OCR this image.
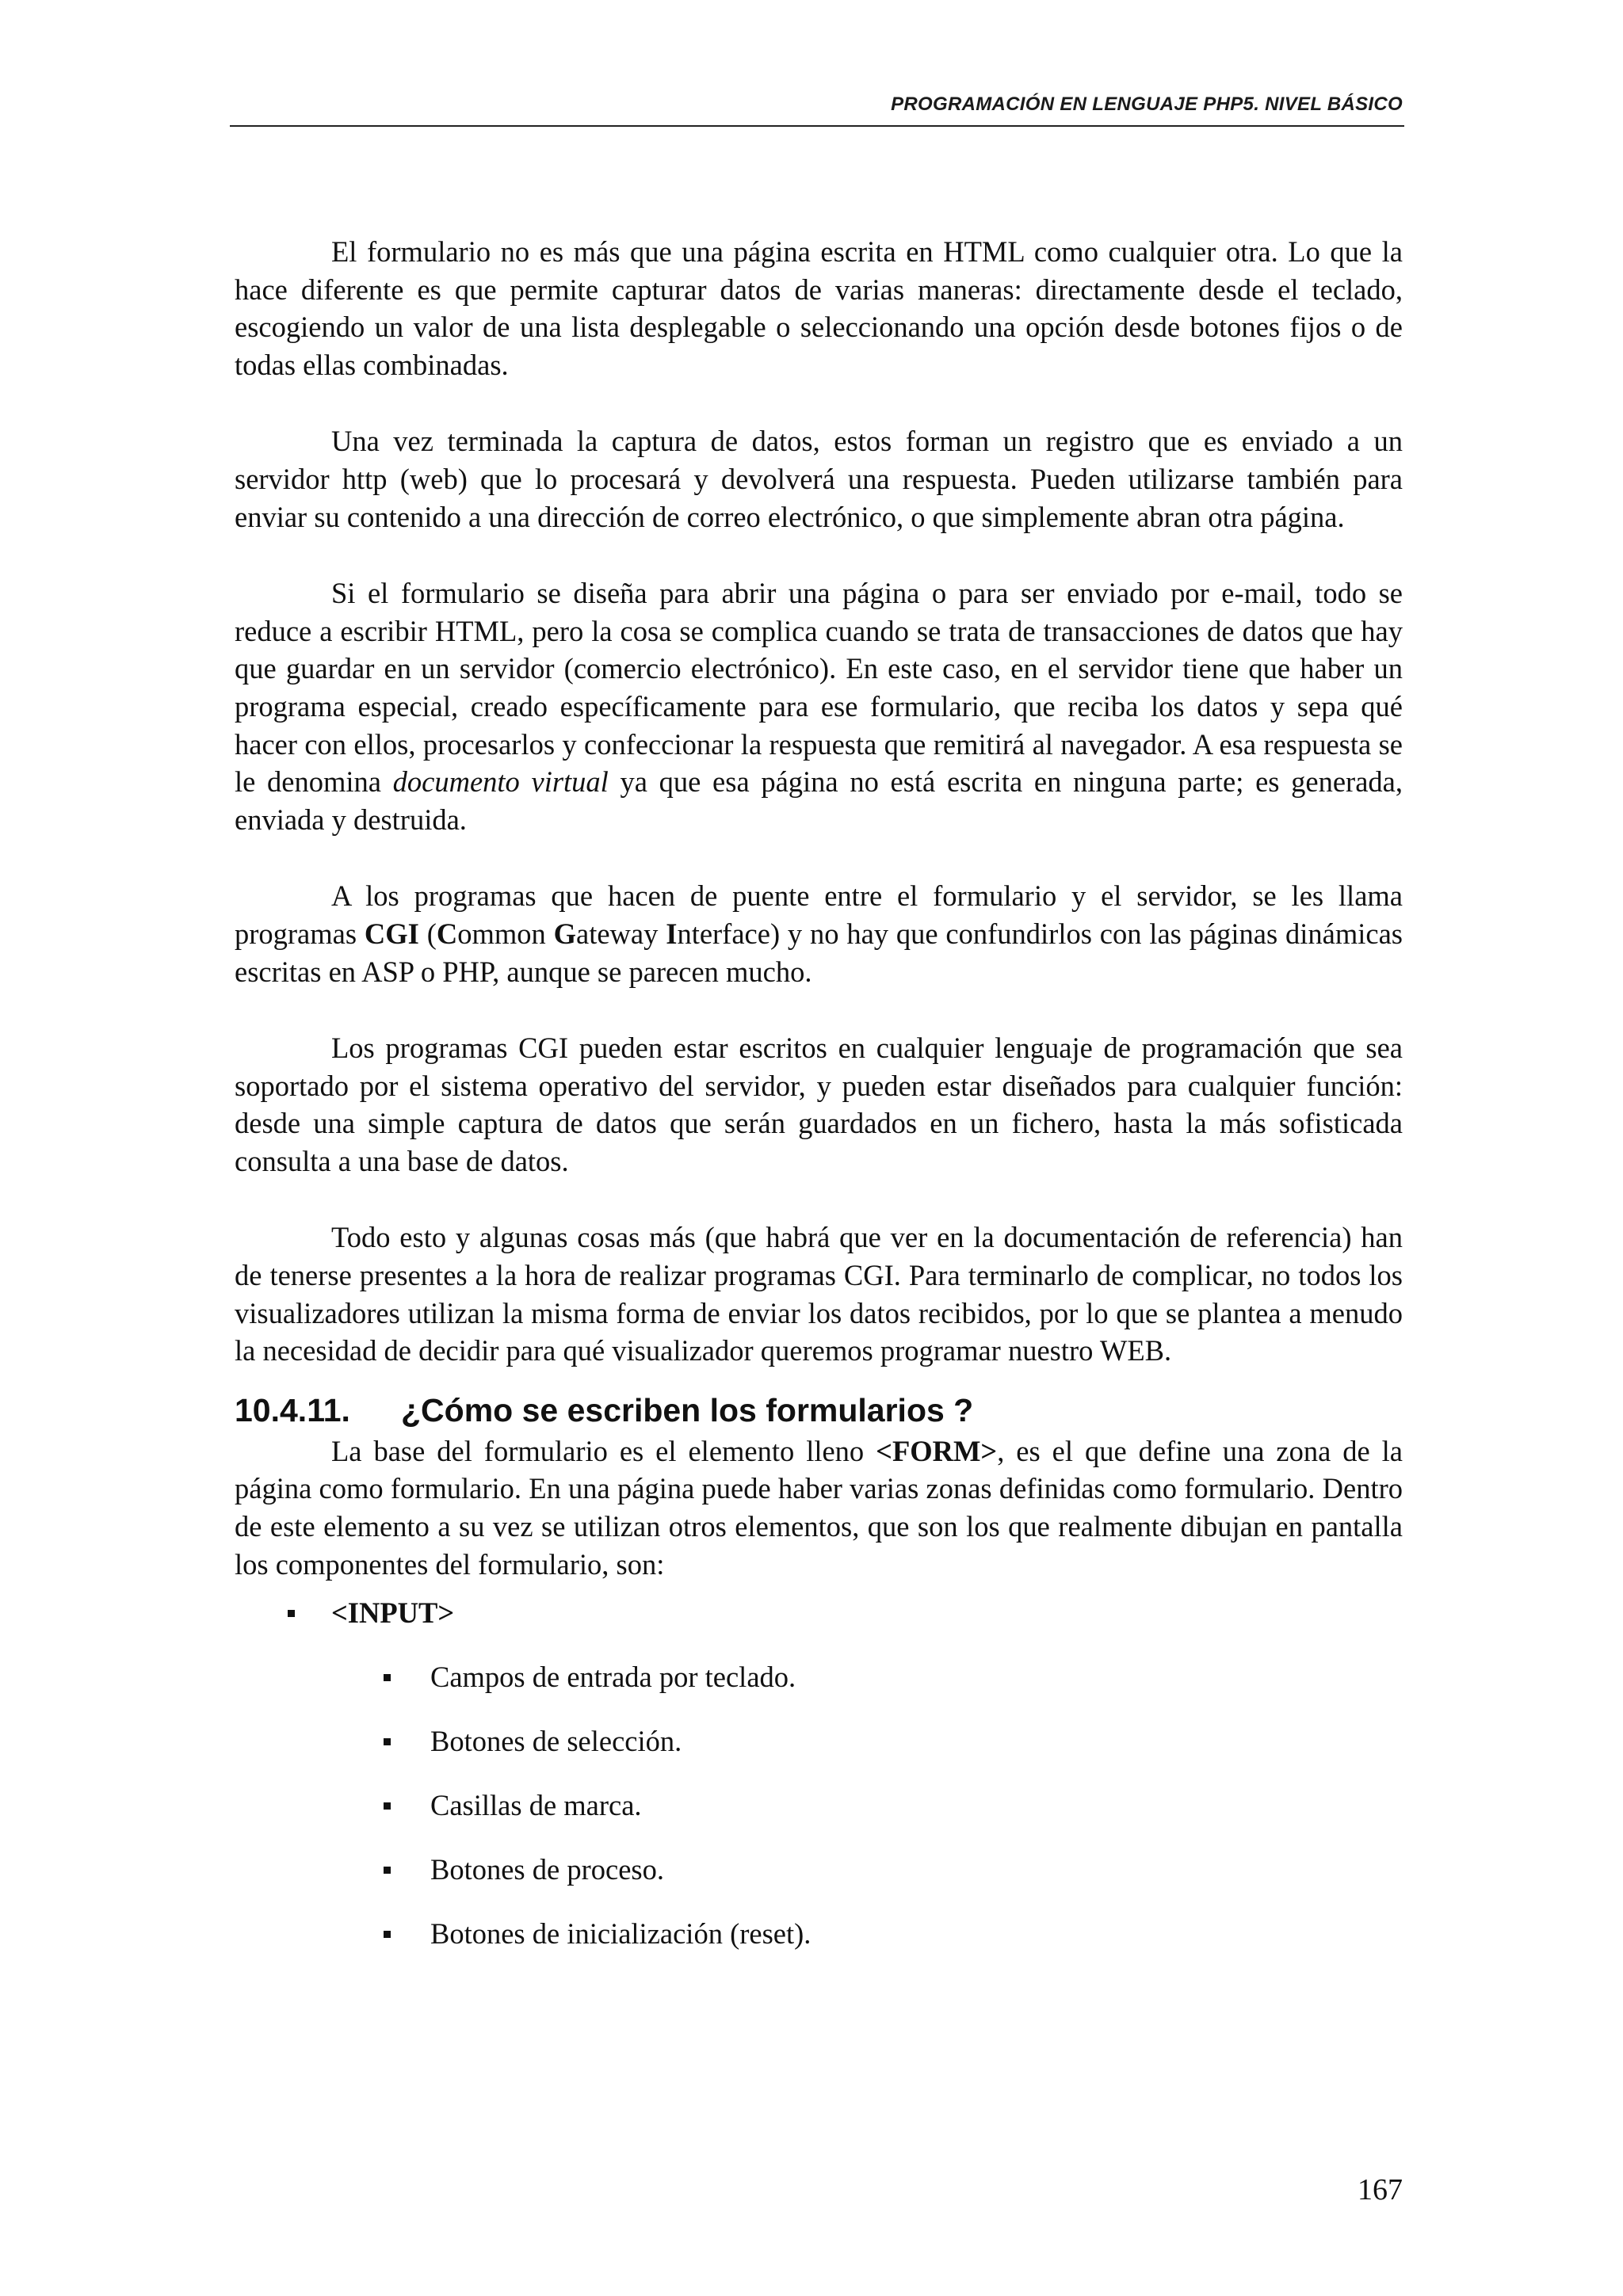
PROGRAMACIÓN EN LENGUAJE PHP5. NIVEL BÁSICO

El formulario no es más que una página escrita en HTML como cualquier otra. Lo que la hace diferente es que permite capturar datos de varias maneras: directamente desde el teclado, escogiendo un valor de una lista desplegable o seleccionando una opción desde botones fijos o de todas ellas combinadas.

Una vez terminada la captura de datos, estos forman un registro que es enviado a un servidor http (web) que lo procesará y devolverá una respuesta. Pueden utilizarse también para enviar su contenido a una dirección de correo electrónico, o que simplemente abran otra página.

Si el formulario se diseña para abrir una página o para ser enviado por e-mail, todo se reduce a escribir HTML, pero la cosa se complica cuando se trata de transacciones de datos que hay que guardar en un servidor (comercio electrónico). En este caso, en el servidor tiene que haber un programa especial, creado específicamente para ese formulario, que reciba los datos y sepa qué hacer con ellos, procesarlos y confeccionar la respuesta que remitirá al navegador. A esa respuesta se le denomina documento virtual ya que esa página no está escrita en ninguna parte; es generada, enviada y destruida.

A los programas que hacen de puente entre el formulario y el servidor, se les llama programas CGI (Common Gateway Interface) y no hay que confundirlos con las páginas dinámicas escritas en ASP o PHP, aunque se parecen mucho.

Los programas CGI pueden estar escritos en cualquier lenguaje de programación que sea soportado por el sistema operativo del servidor, y pueden estar diseñados para cualquier función: desde una simple captura de datos que serán guardados en un fichero, hasta la más sofisticada consulta a una base de datos.

Todo esto y algunas cosas más (que habrá que ver en la documentación de referencia) han de tenerse presentes a la hora de realizar programas CGI. Para terminarlo de complicar, no todos los visualizadores utilizan la misma forma de enviar los datos recibidos, por lo que se plantea a menudo la necesidad de decidir para qué visualizador queremos programar nuestro WEB.

10.4.11. ¿Cómo se escriben los formularios ?

La base del formulario es el elemento lleno <FORM>, es el que define una zona de la página como formulario. En una página puede haber varias zonas definidas como formulario. Dentro de este elemento a su vez se utilizan otros elementos, que son los que realmente dibujan en pantalla los componentes del formulario, son:

<INPUT>
Campos de entrada por teclado.
Botones de selección.
Casillas de marca.
Botones de proceso.
Botones de inicialización (reset).
167
